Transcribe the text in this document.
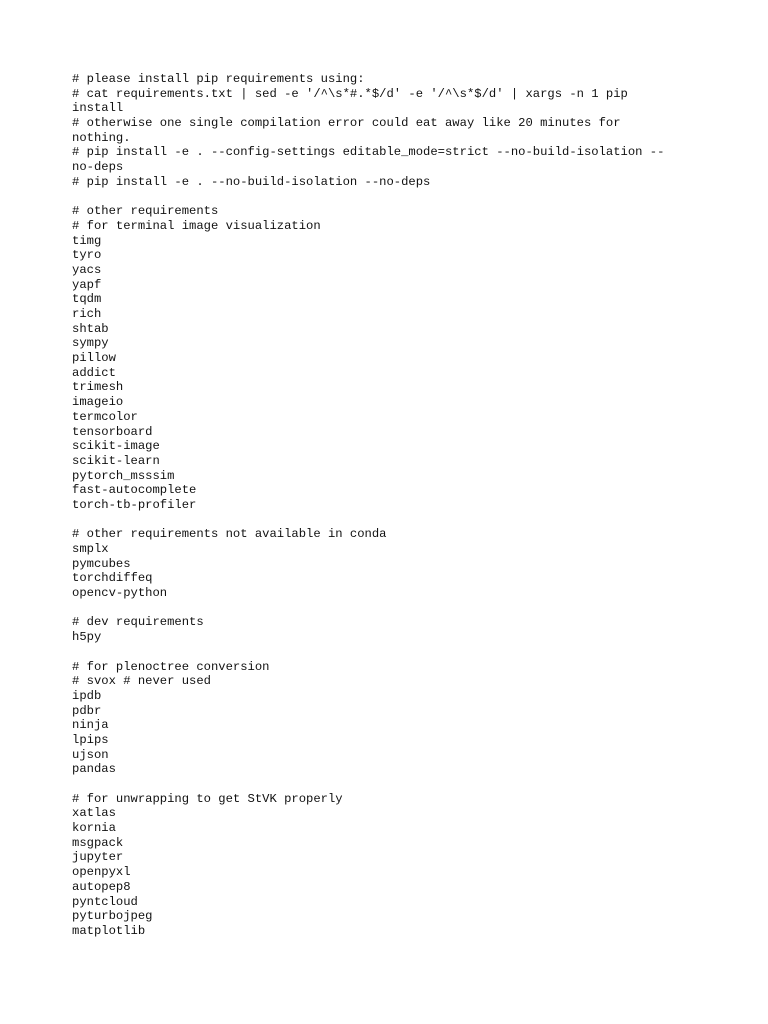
# please install pip requirements using:
# cat requirements.txt | sed -e '/^\s*#.*$/d' -e '/^\s*$/d' | xargs -n 1 pip
install
# otherwise one single compilation error could eat away like 20 minutes for
nothing.
# pip install -e . --config-settings editable_mode=strict --no-build-isolation --
no-deps
# pip install -e . --no-build-isolation --no-deps
# other requirements
# for terminal image visualization
timg
tyro
yacs
yapf
tqdm
rich
shtab
sympy
pillow
addict
trimesh
imageio
termcolor
tensorboard
scikit-image
scikit-learn
pytorch_msssim
fast-autocomplete
torch-tb-profiler
# other requirements not available in conda
smplx
pymcubes
torchdiffeq
opencv-python
# dev requirements
h5py
# for plenoctree conversion
# svox # never used
ipdb
pdbr
ninja
lpips
ujson
pandas
# for unwrapping to get StVK properly
xatlas
kornia
msgpack
jupyter
openpyxl
autopep8
pyntcloud
pyturbojpeg
matplotlib
